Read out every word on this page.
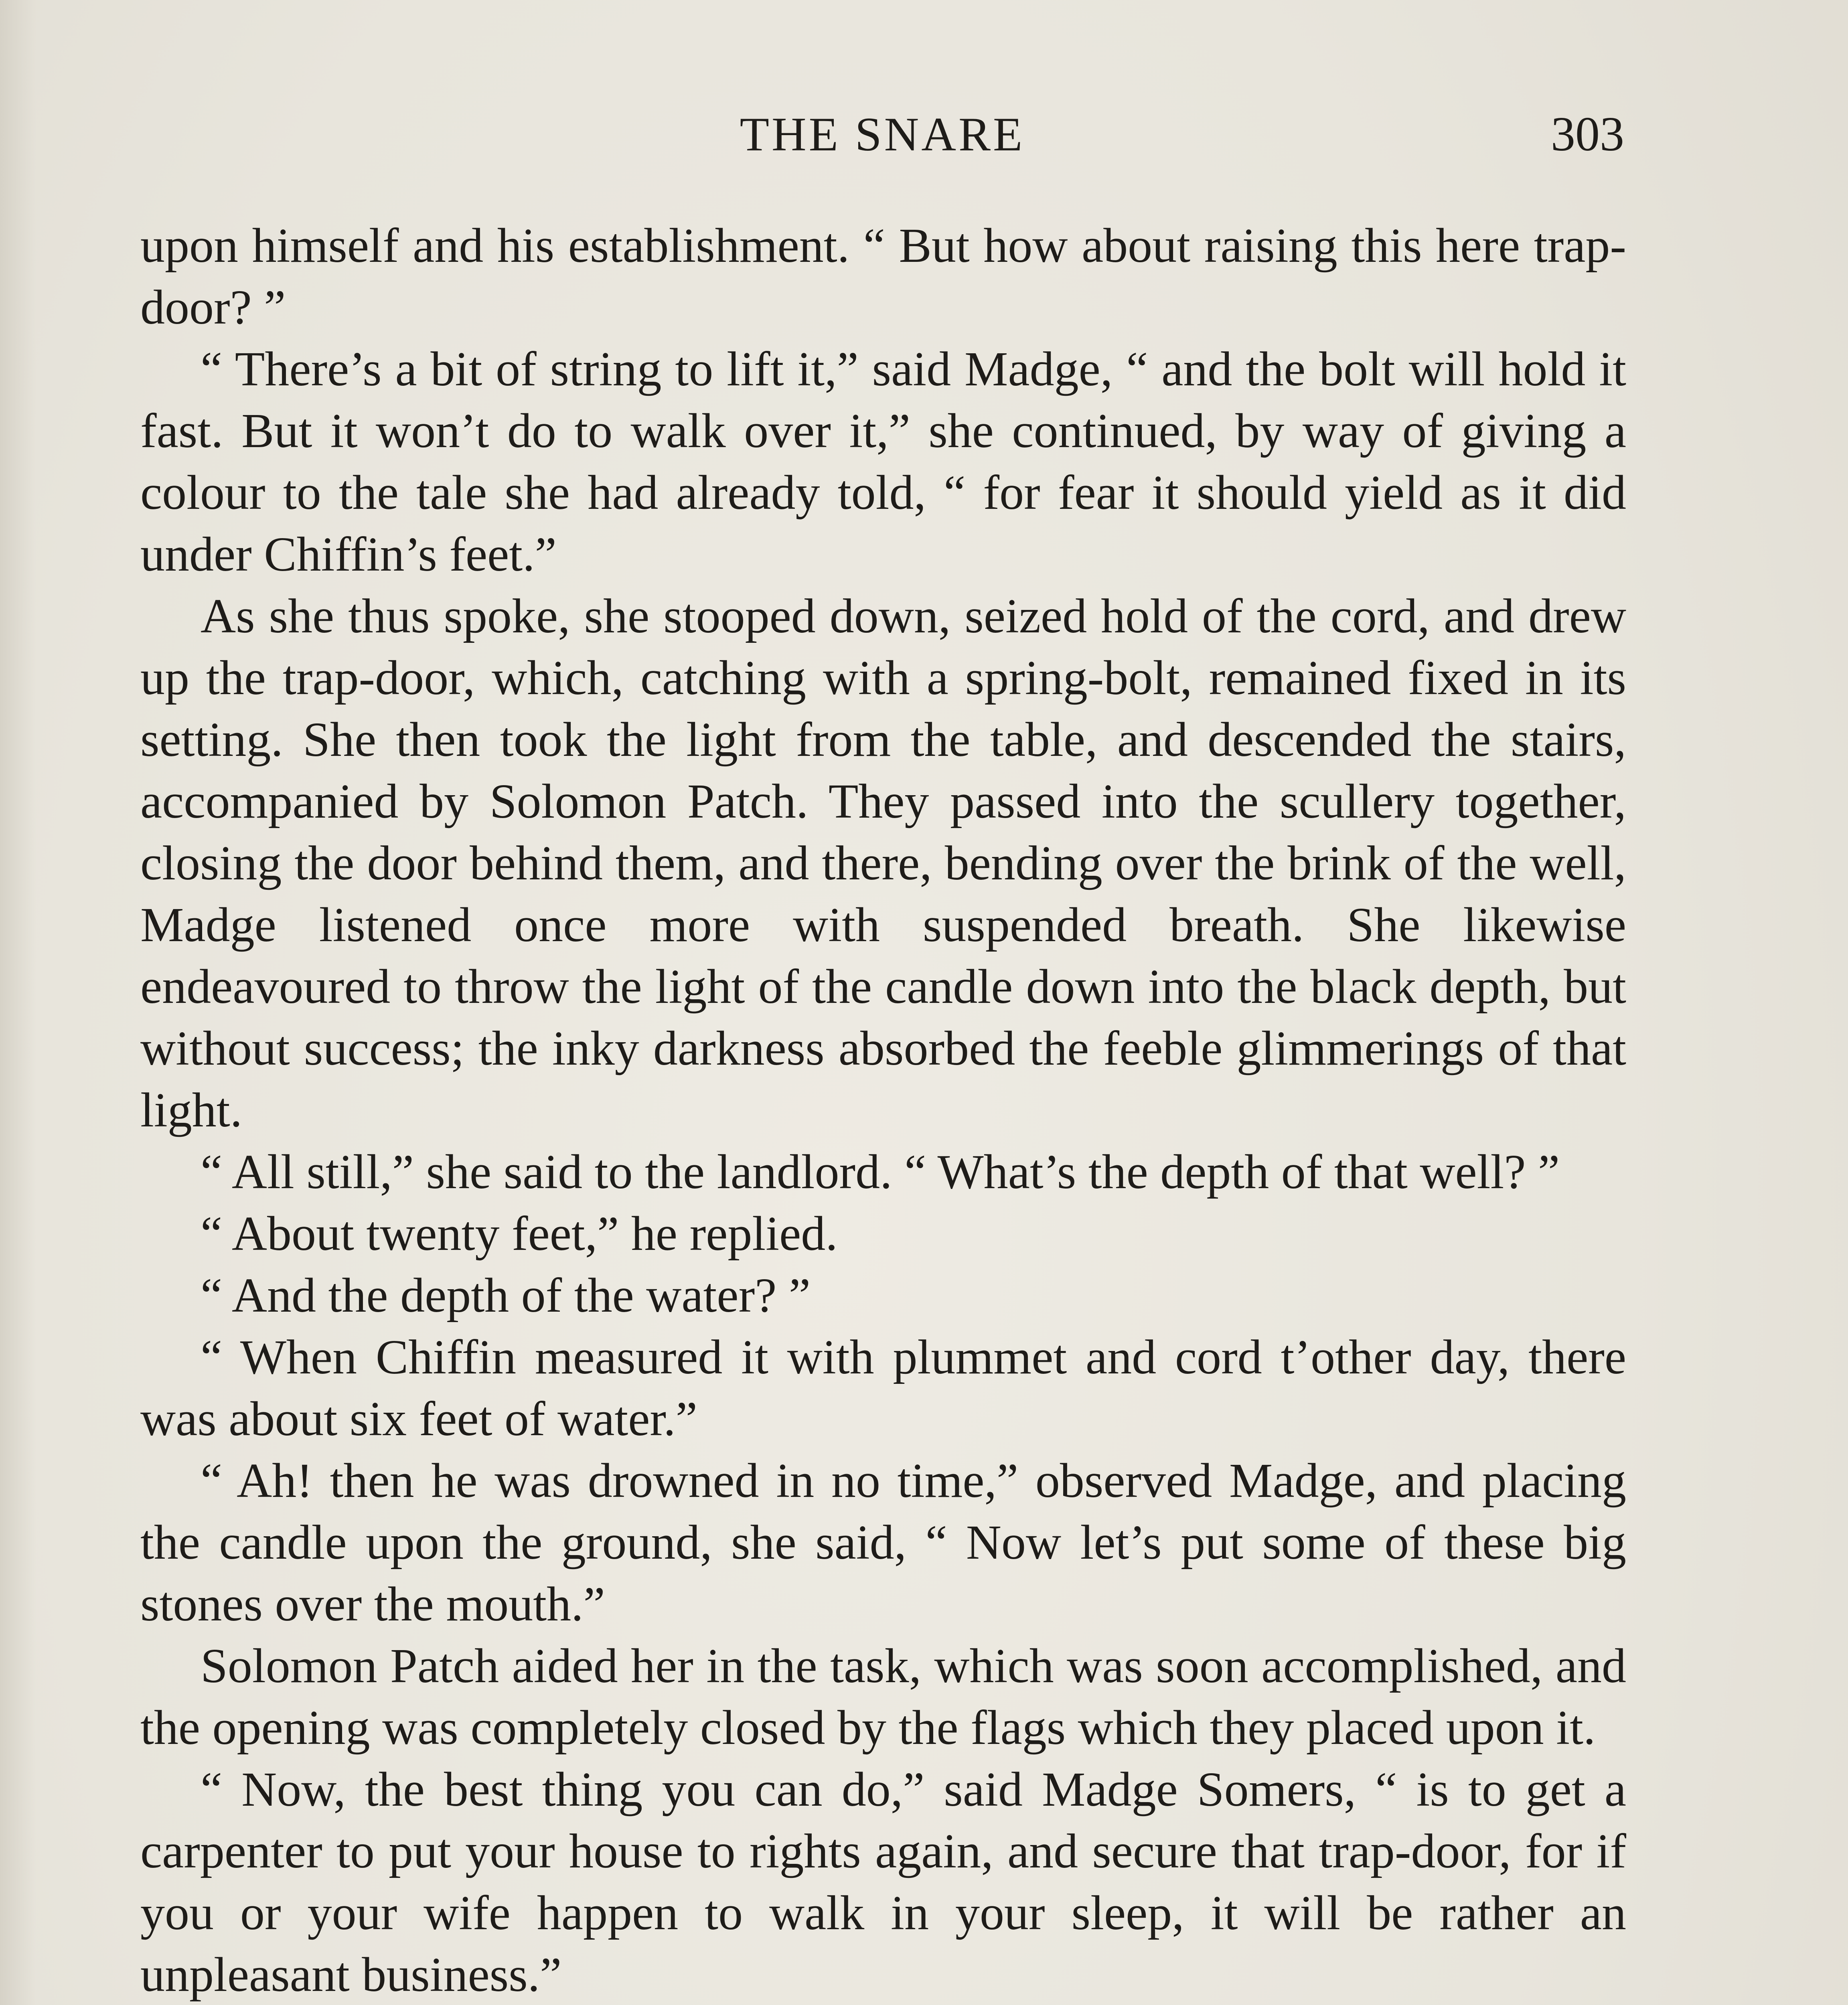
THE SNARE	303

upon himself and his establishment. “ But how about raising this here trap-door? ”

“ There’s a bit of string to lift it,” said Madge, “ and the bolt will hold it fast. But it won’t do to walk over it,” she continued, by way of giving a colour to the tale she had already told, “ for fear it should yield as it did under Chiffin’s feet.”

As she thus spoke, she stooped down, seized hold of the cord, and drew up the trap-door, which, catching with a spring-bolt, remained fixed in its setting. She then took the light from the table, and descended the stairs, accompanied by Solomon Patch. They passed into the scullery together, closing the door behind them, and there, bending over the brink of the well, Madge listened once more with suspended breath. She likewise endeavoured to throw the light of the candle down into the black depth, but without success; the inky darkness absorbed the feeble glimmerings of that light.

“ All still,” she said to the landlord. “ What’s the depth of that well? ”

“ About twenty feet,” he replied.

“ And the depth of the water? ”

“ When Chiffin measured it with plummet and cord t’other day, there was about six feet of water.”

“ Ah! then he was drowned in no time,” observed Madge, and placing the candle upon the ground, she said, “ Now let’s put some of these big stones over the mouth.”

Solomon Patch aided her in the task, which was soon accomplished, and the opening was completely closed by the flags which they placed upon it.

“ Now, the best thing you can do,” said Madge Somers, “ is to get a carpenter to put your house to rights again, and secure that trap-door, for if you or your wife happen to walk in your sleep, it will be rather an unpleasant business.”
